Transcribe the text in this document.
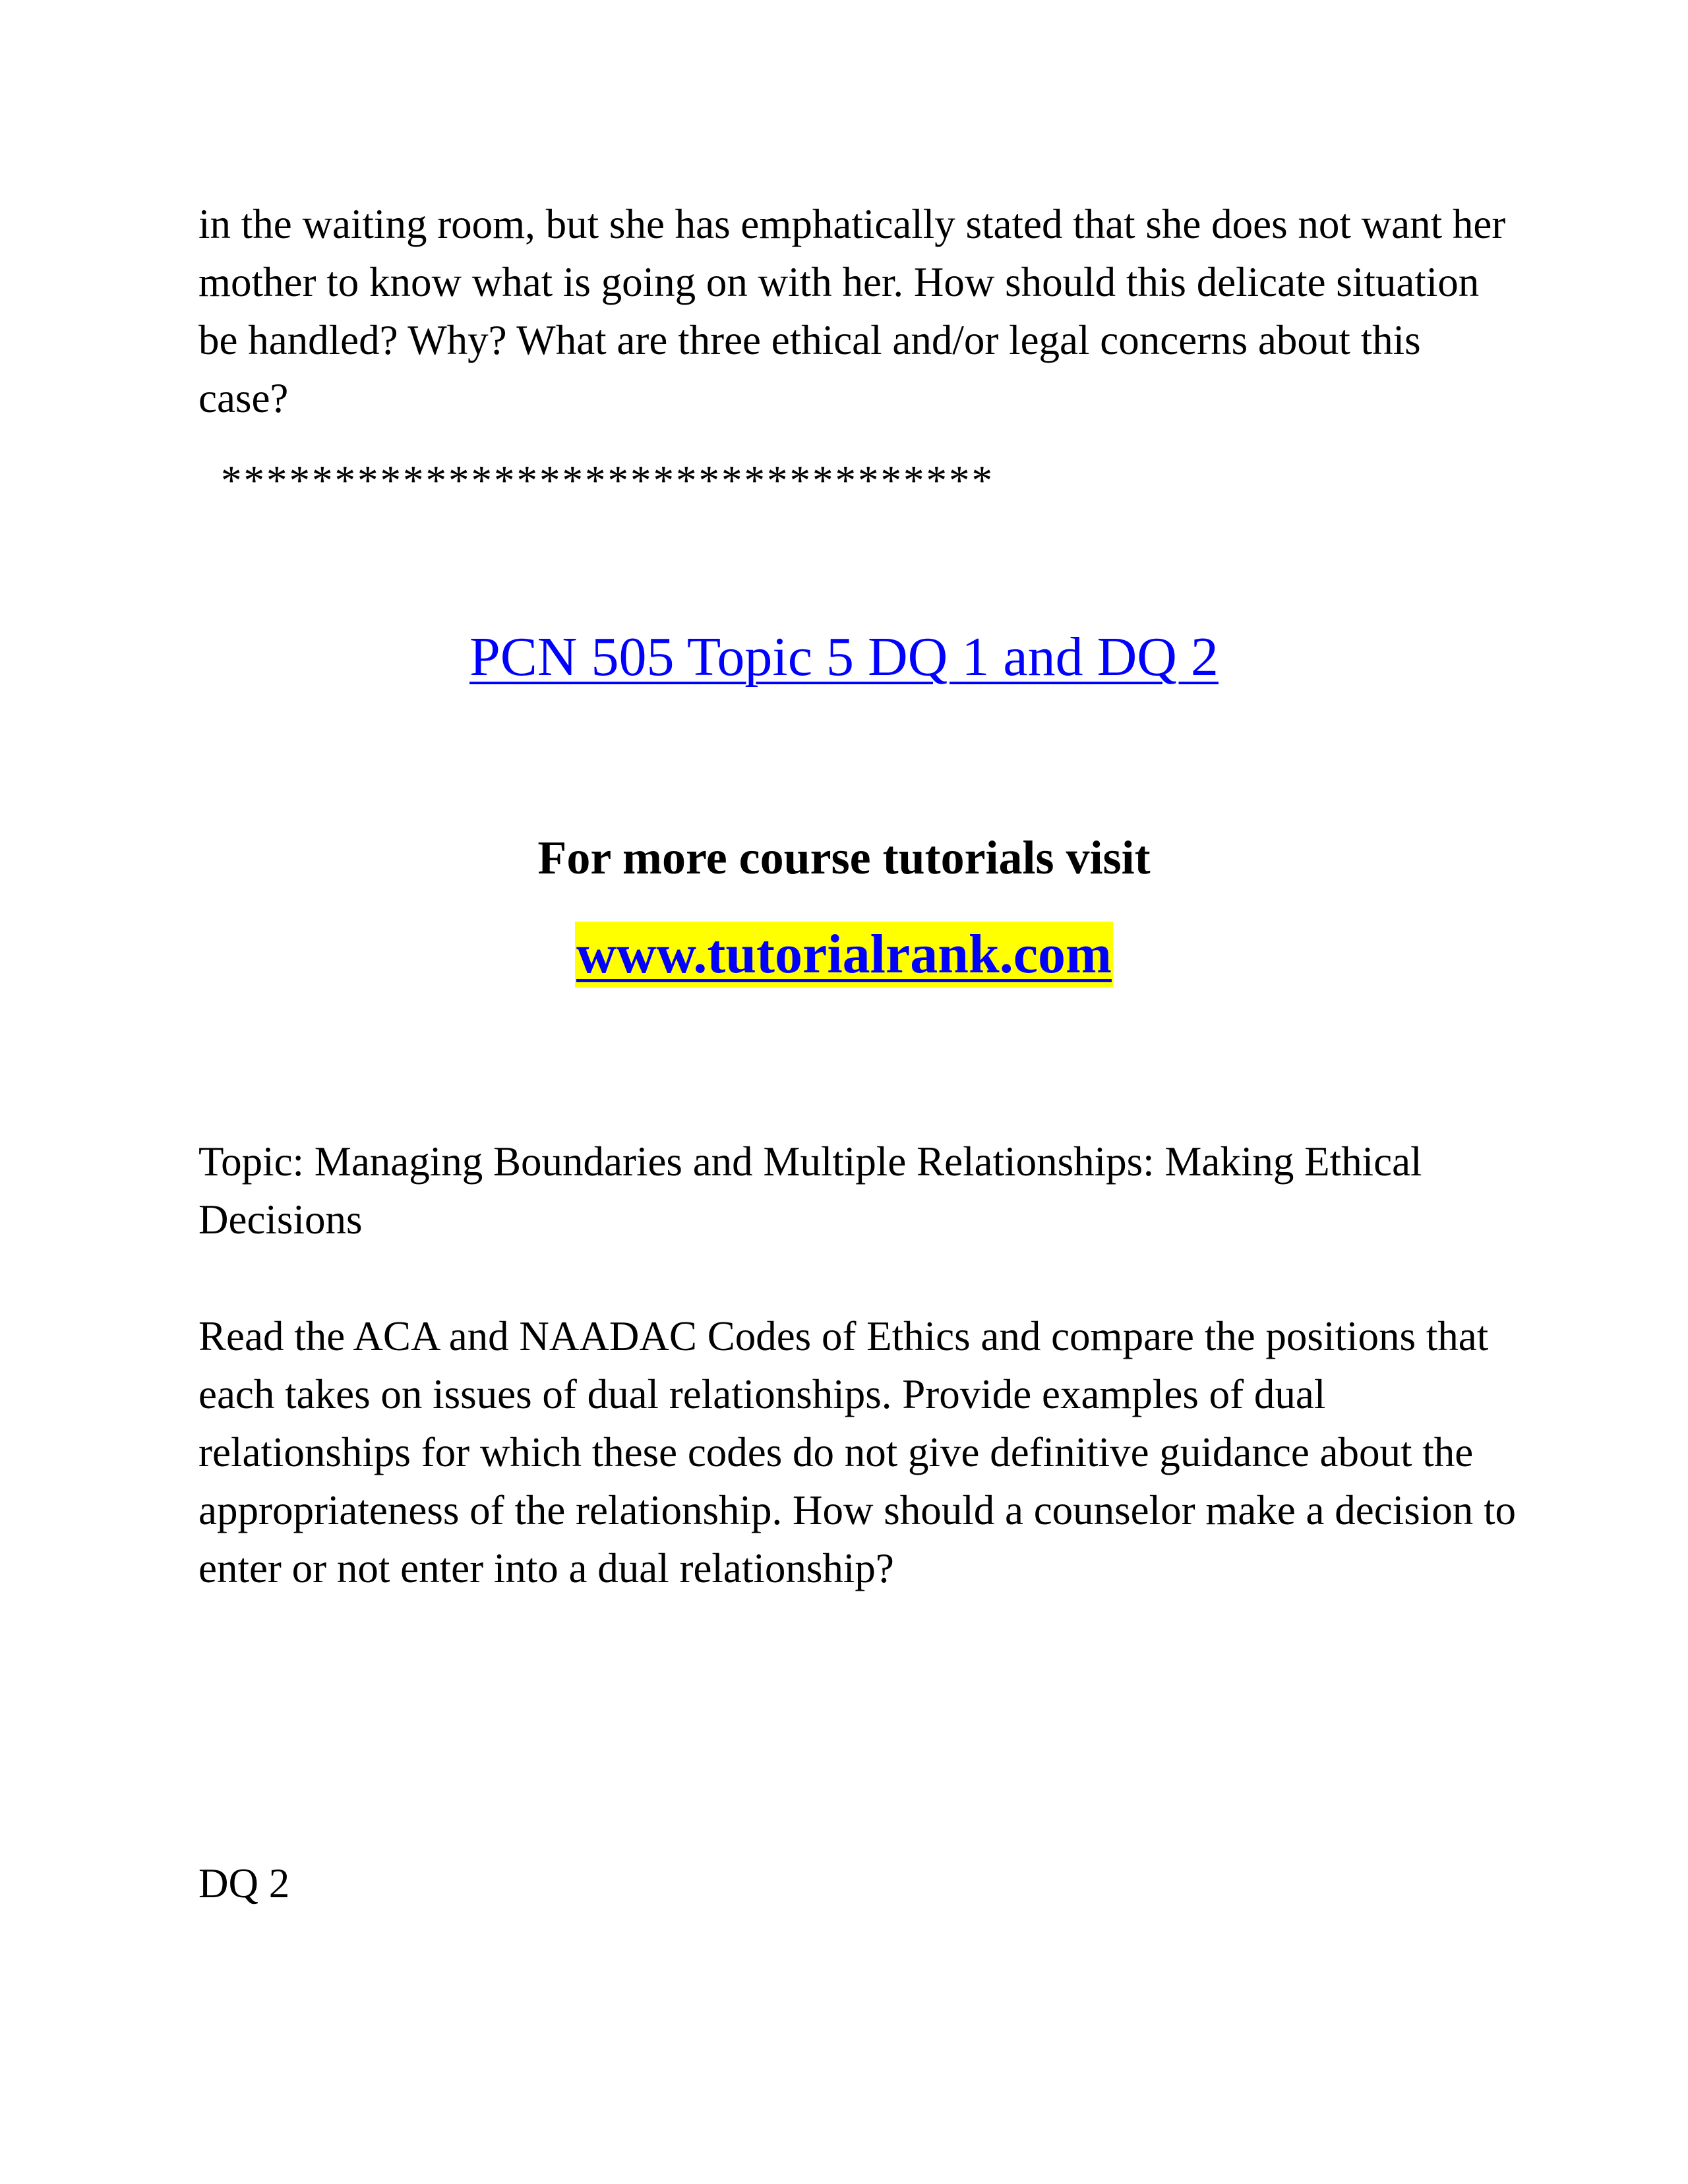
in the waiting room, but she has emphatically stated that she does not want her mother to know what is going on with her. How should this delicate situation be handled? Why? What are three ethical and/or legal concerns about this case?

**********************************

PCN 505 Topic 5 DQ 1 and DQ 2
For more course tutorials visit
www.tutorialrank.com

Topic: Managing Boundaries and Multiple Relationships: Making Ethical Decisions

Read the ACA and NAADAC Codes of Ethics and compare the positions that each takes on issues of dual relationships. Provide examples of dual relationships for which these codes do not give definitive guidance about the appropriateness of the relationship. How should a counselor make a decision to enter or not enter into a dual relationship?

DQ 2
